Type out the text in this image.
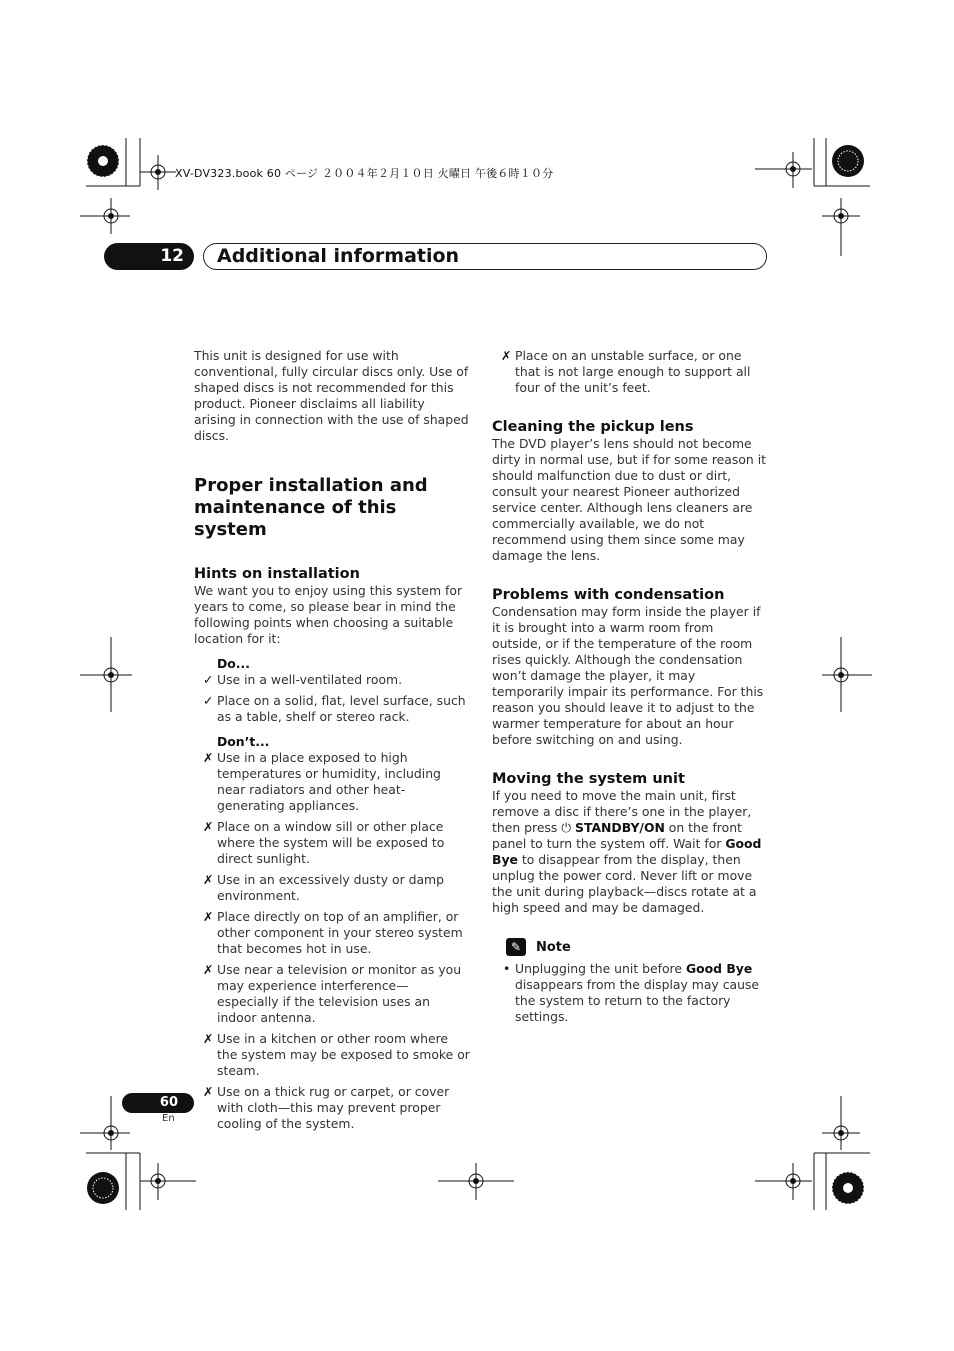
XV-DV323.book 60 ページ ２００４年２月１０日 火曜日 午後６時１０分
12	Additional information

This unit is designed for use with conventional, fully circular discs only. Use of shaped discs is not recommended for this product. Pioneer disclaims all liability arising in connection with the use of shaped discs.

Proper installation and maintenance of this system
Hints on installation

We want you to enjoy using this system for years to come, so please bear in mind the following points when choosing a suitable location for it:

Do...

✓ Use in a well-ventilated room.
✓ Place on a solid, flat, level surface, such as a table, shelf or stereo rack.

Don’t...

✗ Use in a place exposed to high temperatures or humidity, including near radiators and other heat-generating appliances.
✗ Place on a window sill or other place where the system will be exposed to direct sunlight.
✗ Use in an excessively dusty or damp environment.
✗ Place directly on top of an amplifier, or other component in your stereo system that becomes hot in use.
✗ Use near a television or monitor as you may experience interference—especially if the television uses an indoor antenna.
✗ Use in a kitchen or other room where the system may be exposed to smoke or steam.
✗ Use on a thick rug or carpet, or cover with cloth—this may prevent proper cooling of the system.
✗ Place on an unstable surface, or one that is not large enough to support all four of the unit’s feet.
Cleaning the pickup lens

The DVD player’s lens should not become dirty in normal use, but if for some reason it should malfunction due to dust or dirt, consult your nearest Pioneer authorized service center. Although lens cleaners are commercially available, we do not recommend using them since some may damage the lens.

Problems with condensation

Condensation may form inside the player if it is brought into a warm room from outside, or if the temperature of the room rises quickly. Although the condensation won’t damage the player, it may temporarily impair its performance. For this reason you should leave it to adjust to the warmer temperature for about an hour before switching on and using.

Moving the system unit

If you need to move the main unit, first remove a disc if there’s one in the player, then press ⏻ STANDBY/ON on the front panel to turn the system off. Wait for Good Bye to disappear from the display, then unplug the power cord. Never lift or move the unit during playback—discs rotate at a high speed and may be damaged.

✎ Note
• Unplugging the unit before Good Bye disappears from the display may cause the system to return to the factory settings.
60
En
